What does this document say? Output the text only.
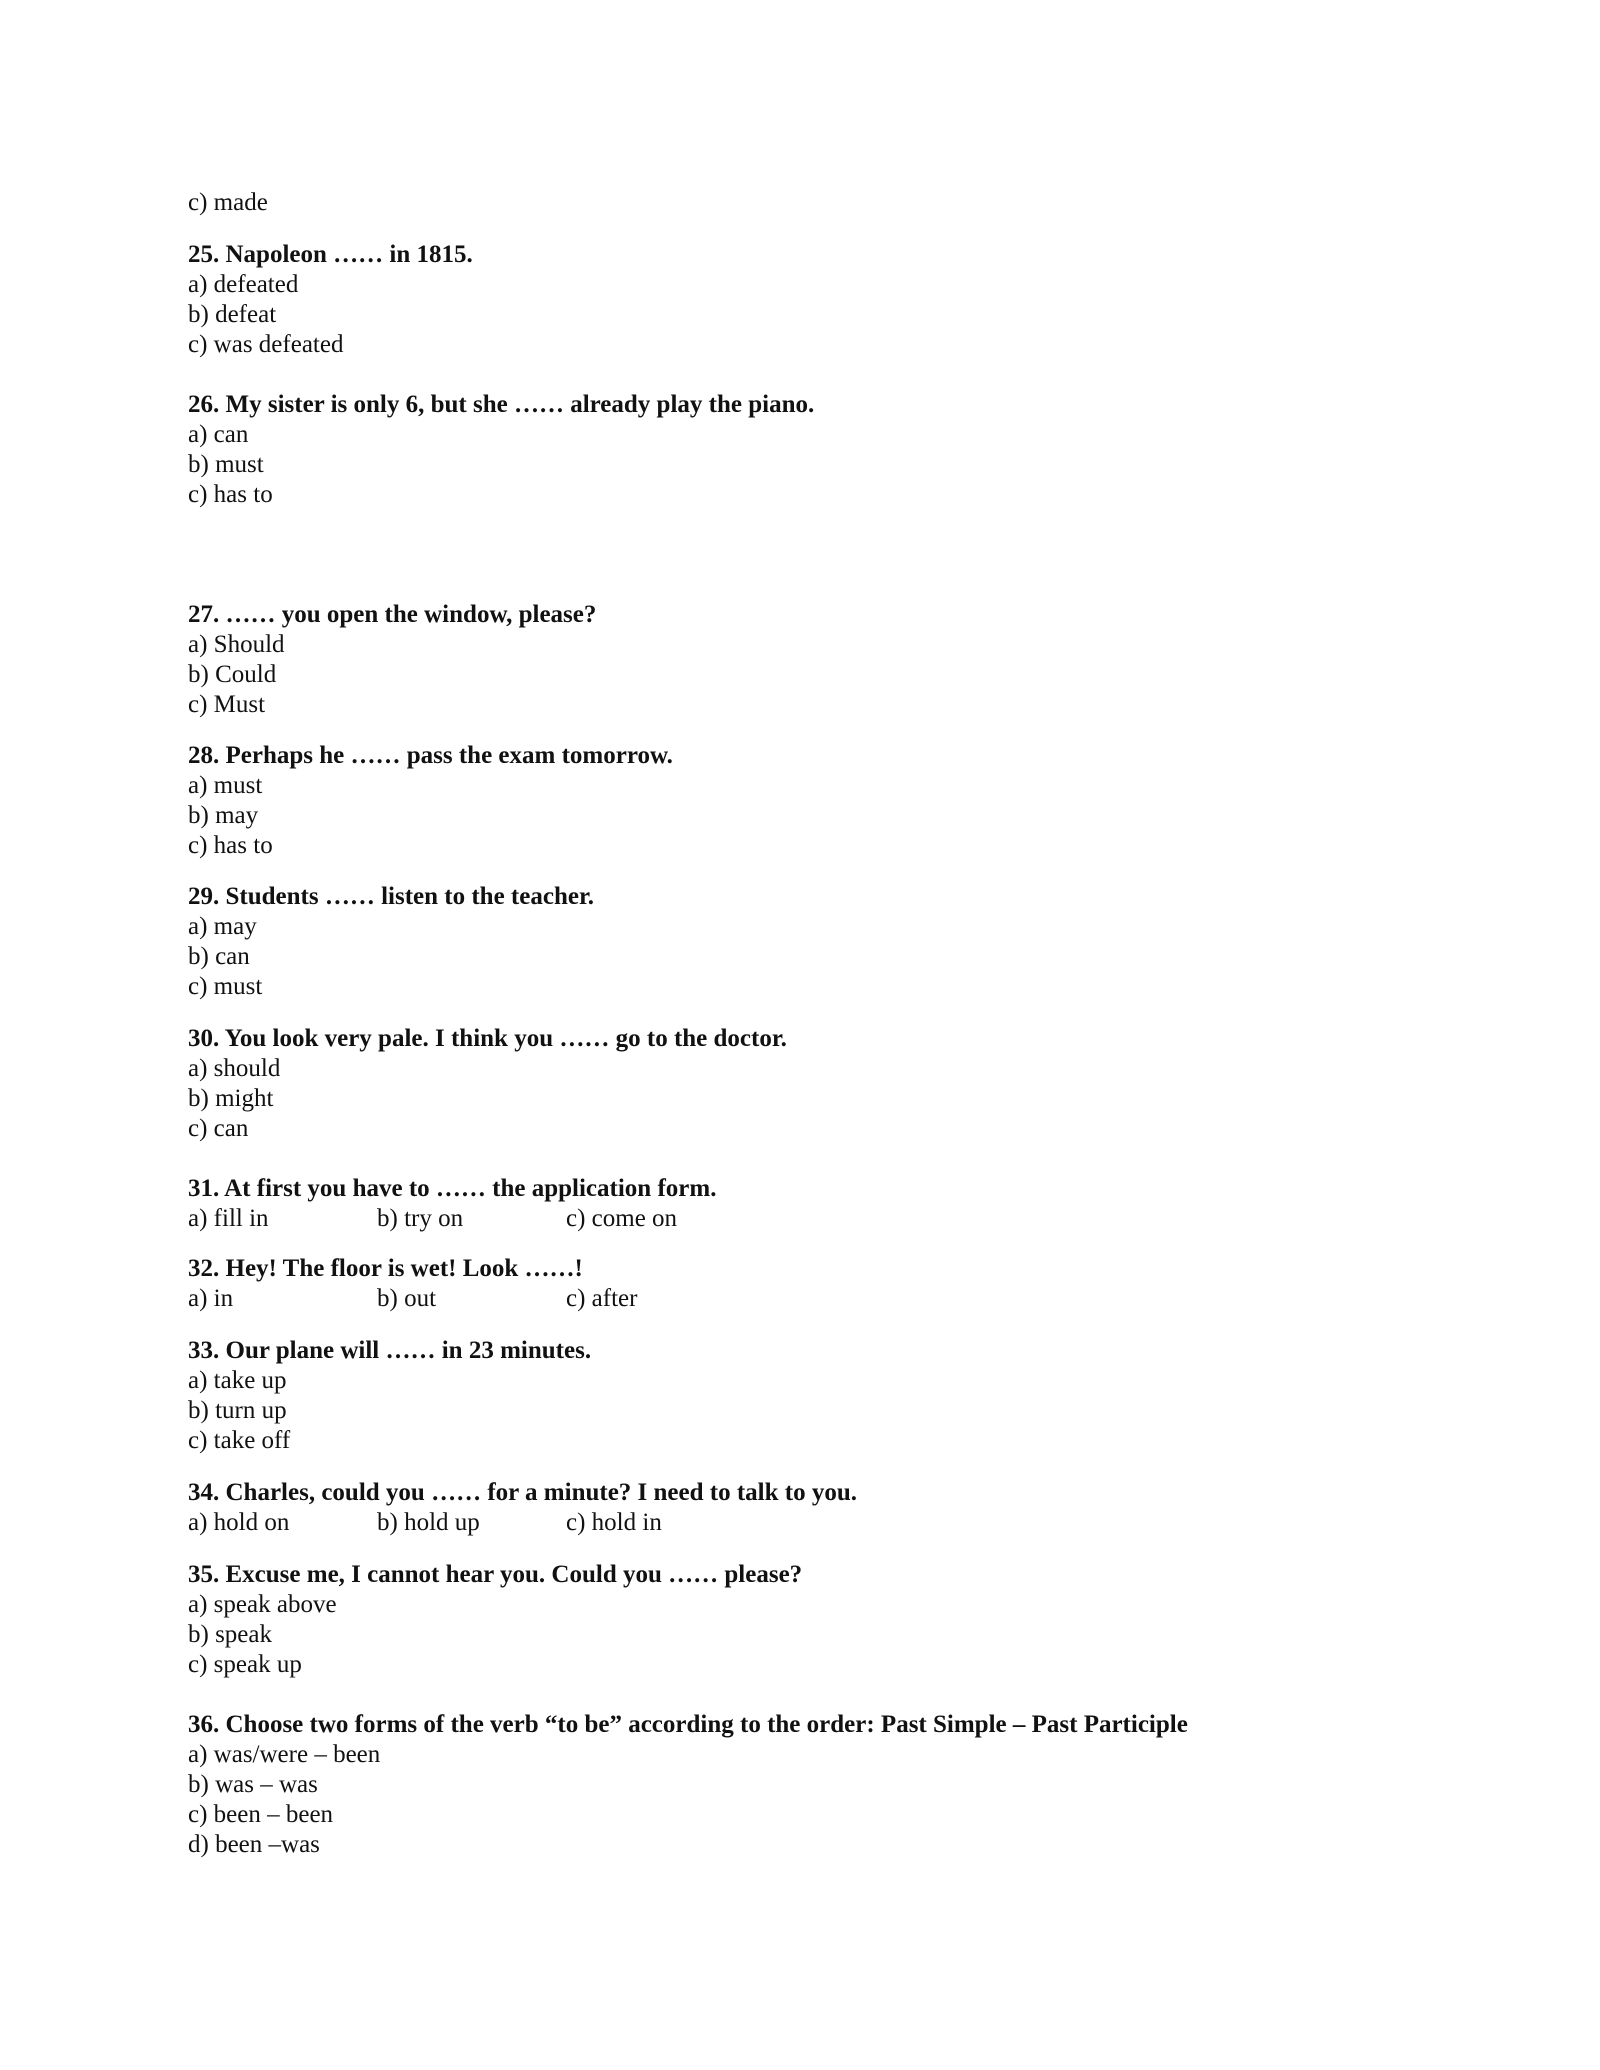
c) made

25. Napoleon …… in 1815.

a) defeated

b) defeat

c) was defeated

26. My sister is only 6, but she …… already play the piano.

a) can

b) must

c) has to

27. …… you open the window, please?

a) Should

b) Could

c) Must

28. Perhaps he …… pass the exam tomorrow.

a) must

b) may

c) has to

29. Students …… listen to the teacher.

a) may

b) can

c) must

30. You look very pale. I think you …… go to the doctor.

a) should

b) might

c) can

31. At first you have to …… the application form.

a) fill in	b) try on	c) come on

32. Hey! The floor is wet! Look ……!

a) in	b) out	c) after

33. Our plane will …… in 23 minutes.

a) take up

b) turn up

c) take off

34. Charles, could you …… for a minute? I need to talk to you.

a) hold on	b) hold up	c) hold in

35. Excuse me, I cannot hear you. Could you …… please?

a) speak above

b) speak

c) speak up

36. Choose two forms of the verb “to be” according to the order: Past Simple – Past Participle

a) was/were – been

b) was – was

c) been – been

d) been –was
